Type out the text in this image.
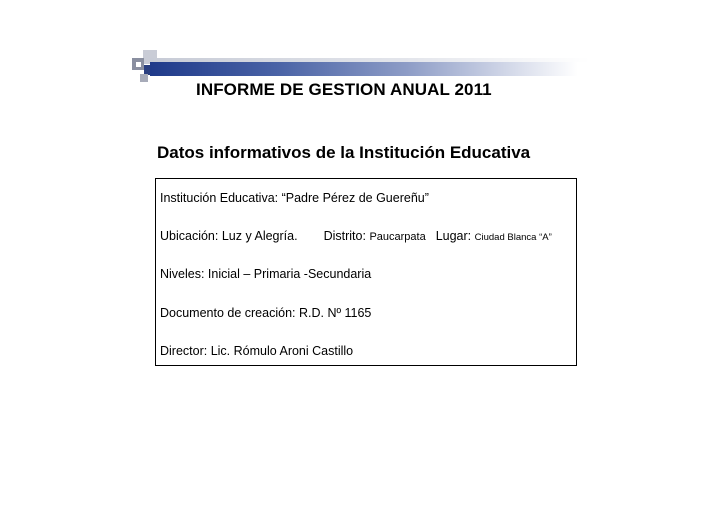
INFORME DE GESTION ANUAL 2011
Datos informativos de la Institución Educativa
Institución Educativa: “Padre Pérez de Guereñu”
Ubicación: Luz y Alegría. Distrito: Paucarpata Lugar: Ciudad Blanca “A”
Niveles: Inicial – Primaria -Secundaria
Documento de creación: R.D. Nº 1165
Director: Lic. Rómulo Aroni Castillo
